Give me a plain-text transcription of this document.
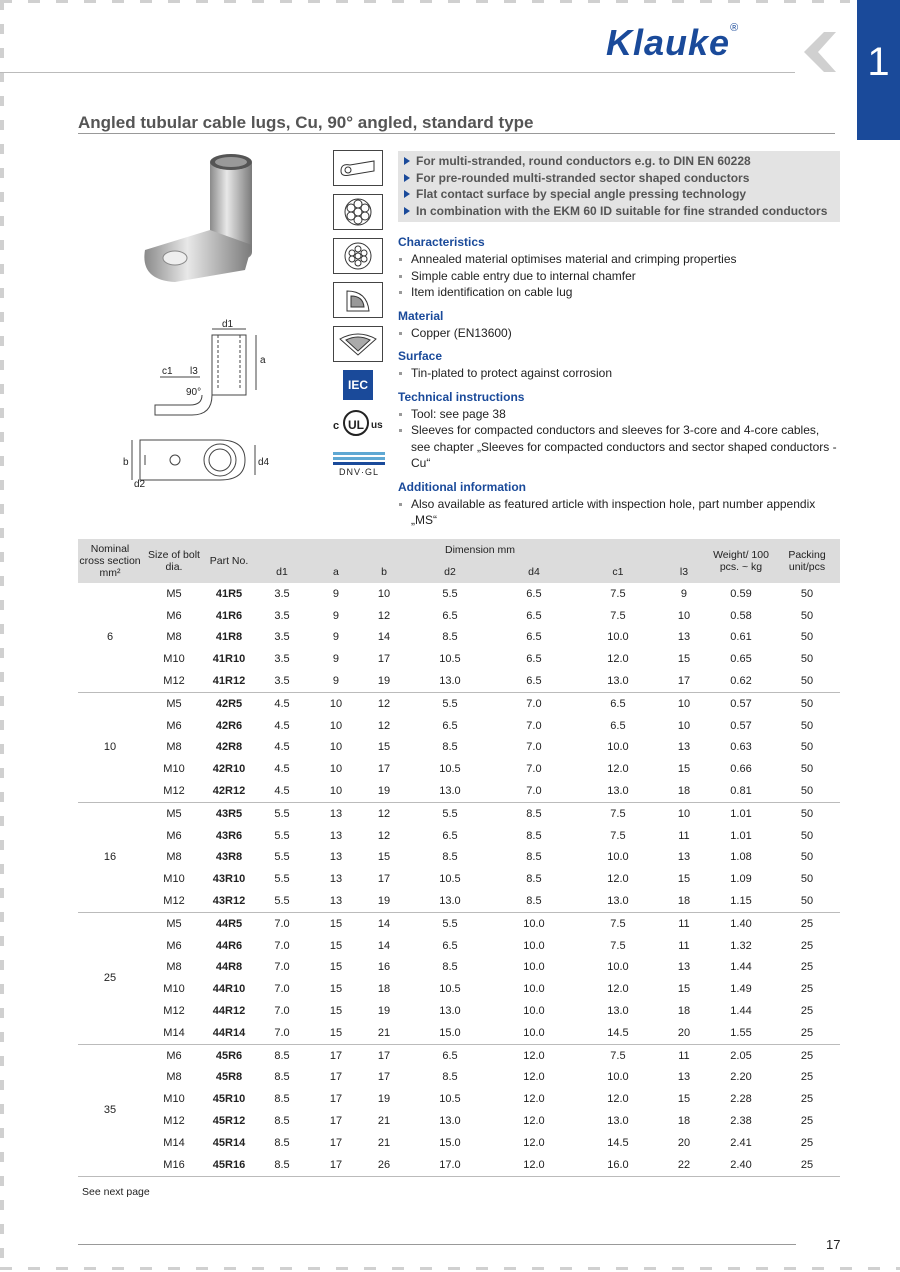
1
Klauke®
Angled tubular cable lugs, Cu, 90° angled, standard type
d1
a
c1 l3
90°
b
d2
d4
IEC
c UL us
DNV·GL
For multi-stranded, round conductors e.g. to DIN EN 60228
For pre-rounded multi-stranded sector shaped conductors
Flat contact surface by special angle pressing technology
In combination with the EKM 60 ID suitable for fine stranded conductors
Characteristics
Annealed material optimises material and crimping properties
Simple cable entry due to internal chamfer
Item identification on cable lug
Material
Copper (EN13600)
Surface
Tin-plated to protect against corrosion
Technical instructions
Tool: see page 38
Sleeves for compacted conductors and sleeves for 3-core and 4-core cables, see chapter „Sleeves for compacted conductors and sector shaped conductors - Cu“
Additional information
Also available as featured article with inspection hole, part number appendix „MS“
Nominal cross section mm²	Size of bolt dia.	Part No.	Dimension mm							Weight/ 100 pcs. ~ kg	Packing unit/pcs
			d1	a	b	d2	d4	c1	l3		
6	M5	41R5	3.5	9	10	5.5	6.5	7.5	9	0.59	50
	M6	41R6	3.5	9	12	6.5	6.5	7.5	10	0.58	50
	M8	41R8	3.5	9	14	8.5	6.5	10.0	13	0.61	50
	M10	41R10	3.5	9	17	10.5	6.5	12.0	15	0.65	50
	M12	41R12	3.5	9	19	13.0	6.5	13.0	17	0.62	50
10	M5	42R5	4.5	10	12	5.5	7.0	6.5	10	0.57	50
	M6	42R6	4.5	10	12	6.5	7.0	6.5	10	0.57	50
	M8	42R8	4.5	10	15	8.5	7.0	10.0	13	0.63	50
	M10	42R10	4.5	10	17	10.5	7.0	12.0	15	0.66	50
	M12	42R12	4.5	10	19	13.0	7.0	13.0	18	0.81	50
16	M5	43R5	5.5	13	12	5.5	8.5	7.5	10	1.01	50
	M6	43R6	5.5	13	12	6.5	8.5	7.5	11	1.01	50
	M8	43R8	5.5	13	15	8.5	8.5	10.0	13	1.08	50
	M10	43R10	5.5	13	17	10.5	8.5	12.0	15	1.09	50
	M12	43R12	5.5	13	19	13.0	8.5	13.0	18	1.15	50
25	M5	44R5	7.0	15	14	5.5	10.0	7.5	11	1.40	25
	M6	44R6	7.0	15	14	6.5	10.0	7.5	11	1.32	25
	M8	44R8	7.0	15	16	8.5	10.0	10.0	13	1.44	25
	M10	44R10	7.0	15	18	10.5	10.0	12.0	15	1.49	25
	M12	44R12	7.0	15	19	13.0	10.0	13.0	18	1.44	25
	M14	44R14	7.0	15	21	15.0	10.0	14.5	20	1.55	25
35	M6	45R6	8.5	17	17	6.5	12.0	7.5	11	2.05	25
	M8	45R8	8.5	17	17	8.5	12.0	10.0	13	2.20	25
	M10	45R10	8.5	17	19	10.5	12.0	12.0	15	2.28	25
	M12	45R12	8.5	17	21	13.0	12.0	13.0	18	2.38	25
	M14	45R14	8.5	17	21	15.0	12.0	14.5	20	2.41	25
	M16	45R16	8.5	17	26	17.0	12.0	16.0	22	2.40	25
See next page
17
